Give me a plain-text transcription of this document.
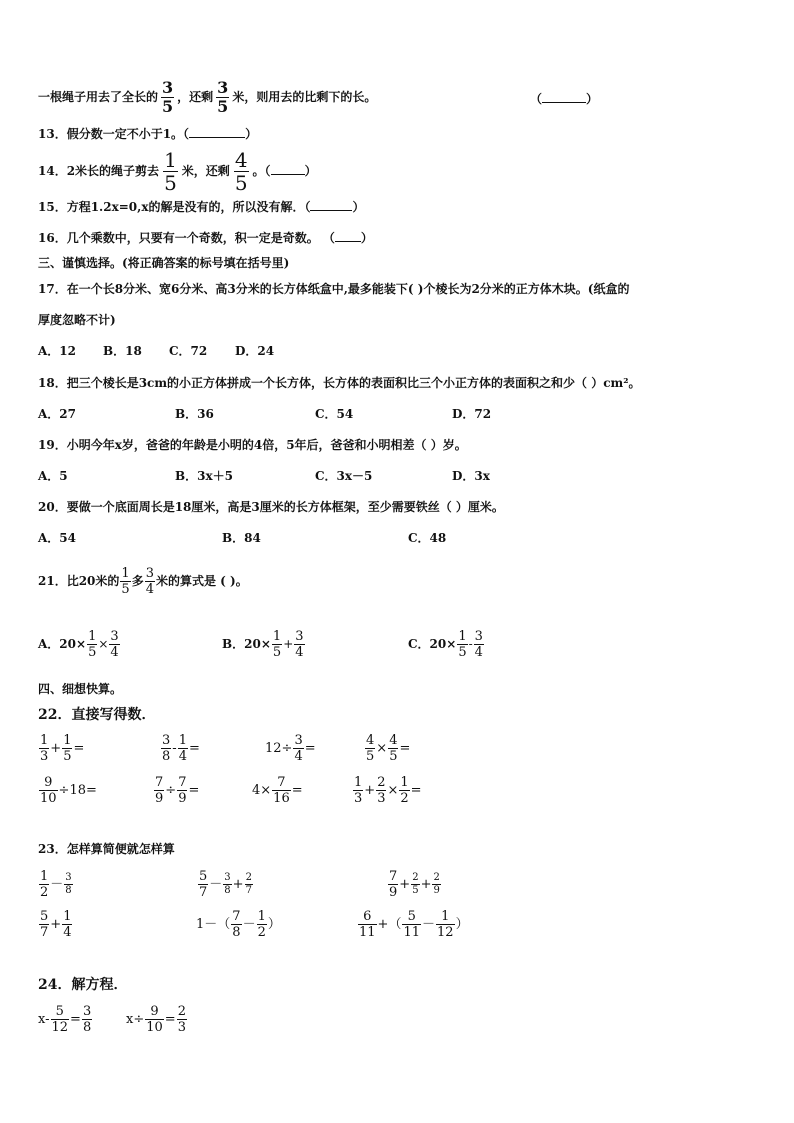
一根绳子用去了全长的 $\frac{3}{5}$ ，还剩 $\frac{3}{5}$ 米，则用去的比剩下的长。	（	）
13．假分数一定不小于1。（	）
14．2米长的绳子剪去 $\frac{1}{5}$ 米，还剩 $\frac{4}{5}$ 。（	）
15．方程1.2x=0,x的解是没有的，所以没有解．（	）
16．几个乘数中，只要有一个奇数，积一定是奇数。 （ ）
三、谨慎选择。(将正确答案的标号填在括号里)
17．在一个长8分米、宽6分米、高3分米的长方体纸盒中,最多能装下( )个棱长为2分米的正方体木块。(纸盒的
厚度忽略不计)
A．12 B．18 C．72 D．24
18．把三个棱长是3cm的小正方体拼成一个长方体，长方体的表面积比三个小正方体的表面积之和少（ ）cm²。
A．27	B．36	C．54	D．72
19．小明今年x岁，爸爸的年龄是小明的4倍，5年后，爸爸和小明相差（ ）岁。
A．5	B．3x＋5	C．3x－5	D．3x
20．要做一个底面周长是18厘米，高是3厘米的长方体框架，至少需要铁丝（ ）厘米。
A．54	B．84	C．48
21．比20米的 $\frac{1}{5}$ 多 $\frac{3}{4}$ 米的算式是 ( )。
A．$20\times \frac{1}{5} \times \frac{3}{4}$	B．$20\times \frac{1}{5} + \frac{3}{4}$	C．$20\times \frac{1}{5} - \frac{3}{4}$
四、细想快算。
22．直接写得数．
$\frac{1}{3} + \frac{1}{5}$ =	$\frac{3}{8} - \frac{1}{4}$ =	$12\div \frac{3}{4}$ =	$\frac{4}{5} \times \frac{4}{5}$ =
$\frac{9}{10} \div 18=$	$\frac{7}{9} \div \frac{7}{9}$ =	$4\times \frac{7}{16}$ =	$\frac{1}{3} + \frac{2}{3} \times \frac{1}{2}$ =
23．怎样算简便就怎样算
$\frac{1}{2} - \frac{3}{8}$	$\frac{5}{7} - \frac{3}{8} + \frac{2}{7}$	$\frac{7}{9} + \frac{2}{5} + \frac{2}{9}$
$\frac{5}{7} + \frac{1}{4}$	$1-( \frac{7}{8} - \frac{1}{2}$ ）	$\frac{6}{11}$ +（ $\frac{5}{11} - \frac{1}{12}$ ）
24．解方程．
$x- \frac{5}{12} = \frac{3}{8}$	$x\div \frac{9}{10} = \frac{2}{3}$
